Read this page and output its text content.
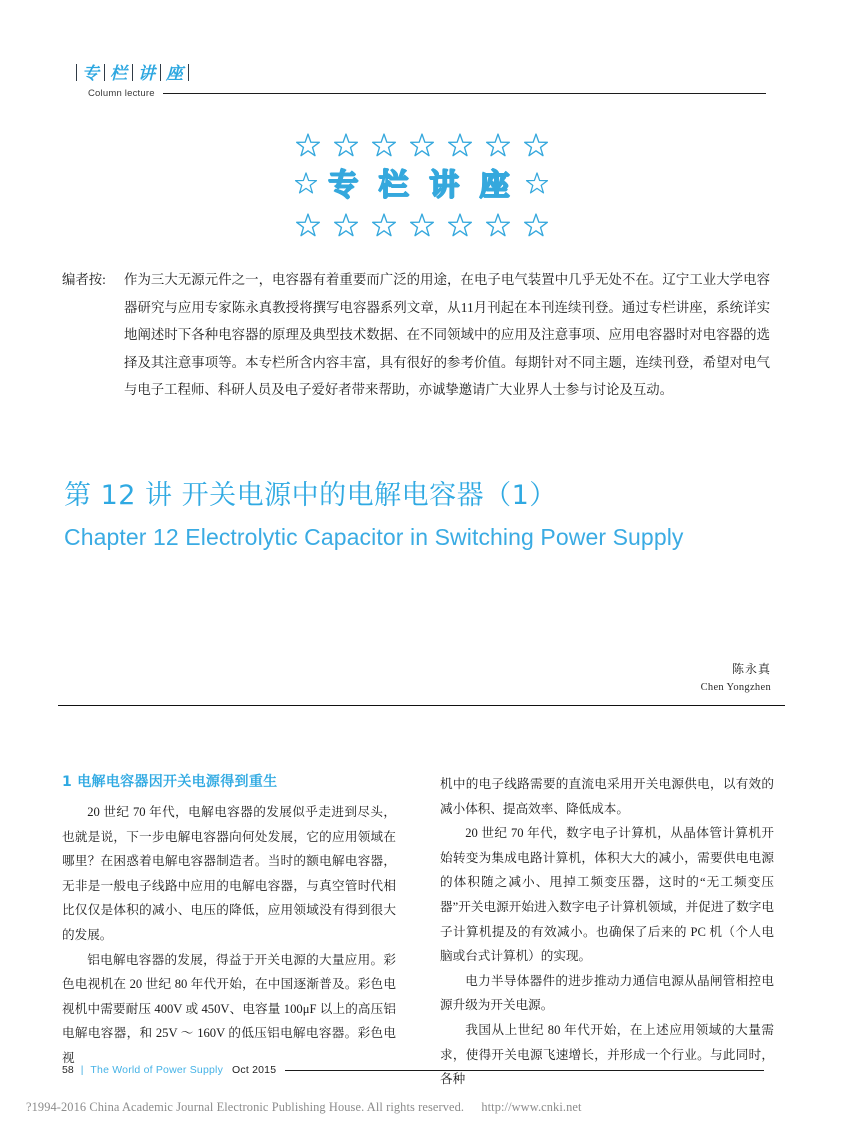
专 栏 讲 座
Column lecture
专 栏 讲 座
编者按: 作为三大无源元件之一，电容器有着重要而广泛的用途，在电子电气装置中几乎无处不在。辽宁工业大学电容器研究与应用专家陈永真教授将撰写电容器系列文章，从11月刊起在本刊连续刊登。通过专栏讲座，系统详实地阐述时下各种电容器的原理及典型技术数据、在不同领域中的应用及注意事项、应用电容器时对电容器的选择及其注意事项等。本专栏所含内容丰富，具有很好的参考价值。每期针对不同主题，连续刊登，希望对电气与电子工程师、科研人员及电子爱好者带来帮助，亦诚挚邀请广大业界人士参与讨论及互动。
第 12 讲 开关电源中的电解电容器（1）
Chapter 12 Electrolytic Capacitor in Switching Power Supply
陈永真
Chen Yongzhen
1 电解电容器因开关电源得到重生

20 世纪 70 年代，电解电容器的发展似乎走进到尽头，也就是说，下一步电解电容器向何处发展，它的应用领域在哪里？在困惑着电解电容器制造者。当时的额电解电容器，无非是一般电子线路中应用的电解电容器，与真空管时代相比仅仅是体积的减小、电压的降低，应用领域没有得到很大的发展。

铝电解电容器的发展，得益于开关电源的大量应用。彩色电视机在 20 世纪 80 年代开始，在中国逐渐普及。彩色电视机中需要耐压 400V 或 450V、电容量 100μF 以上的高压铝电解电容器，和 25V ～ 160V 的低压铝电解电容器。彩色电视

机中的电子线路需要的直流电采用开关电源供电，以有效的减小体积、提高效率、降低成本。

20 世纪 70 年代，数字电子计算机，从晶体管计算机开始转变为集成电路计算机，体积大大的减小，需要供电电源的体积随之减小、甩掉工频变压器，这时的“无工频变压器”开关电源开始进入数字电子计算机领域，并促进了数字电子计算机提及的有效减小。也确保了后来的 PC 机（个人电脑或台式计算机）的实现。

电力半导体器件的进步推动力通信电源从晶闸管相控电源升级为开关电源。

我国从上世纪 80 年代开始，在上述应用领域的大量需求，使得开关电源飞速增长，并形成一个行业。与此同时，各种

58 | The World of Power Supply Oct 2015
?1994-2016 China Academic Journal Electronic Publishing House. All rights reserved. http://www.cnki.net
